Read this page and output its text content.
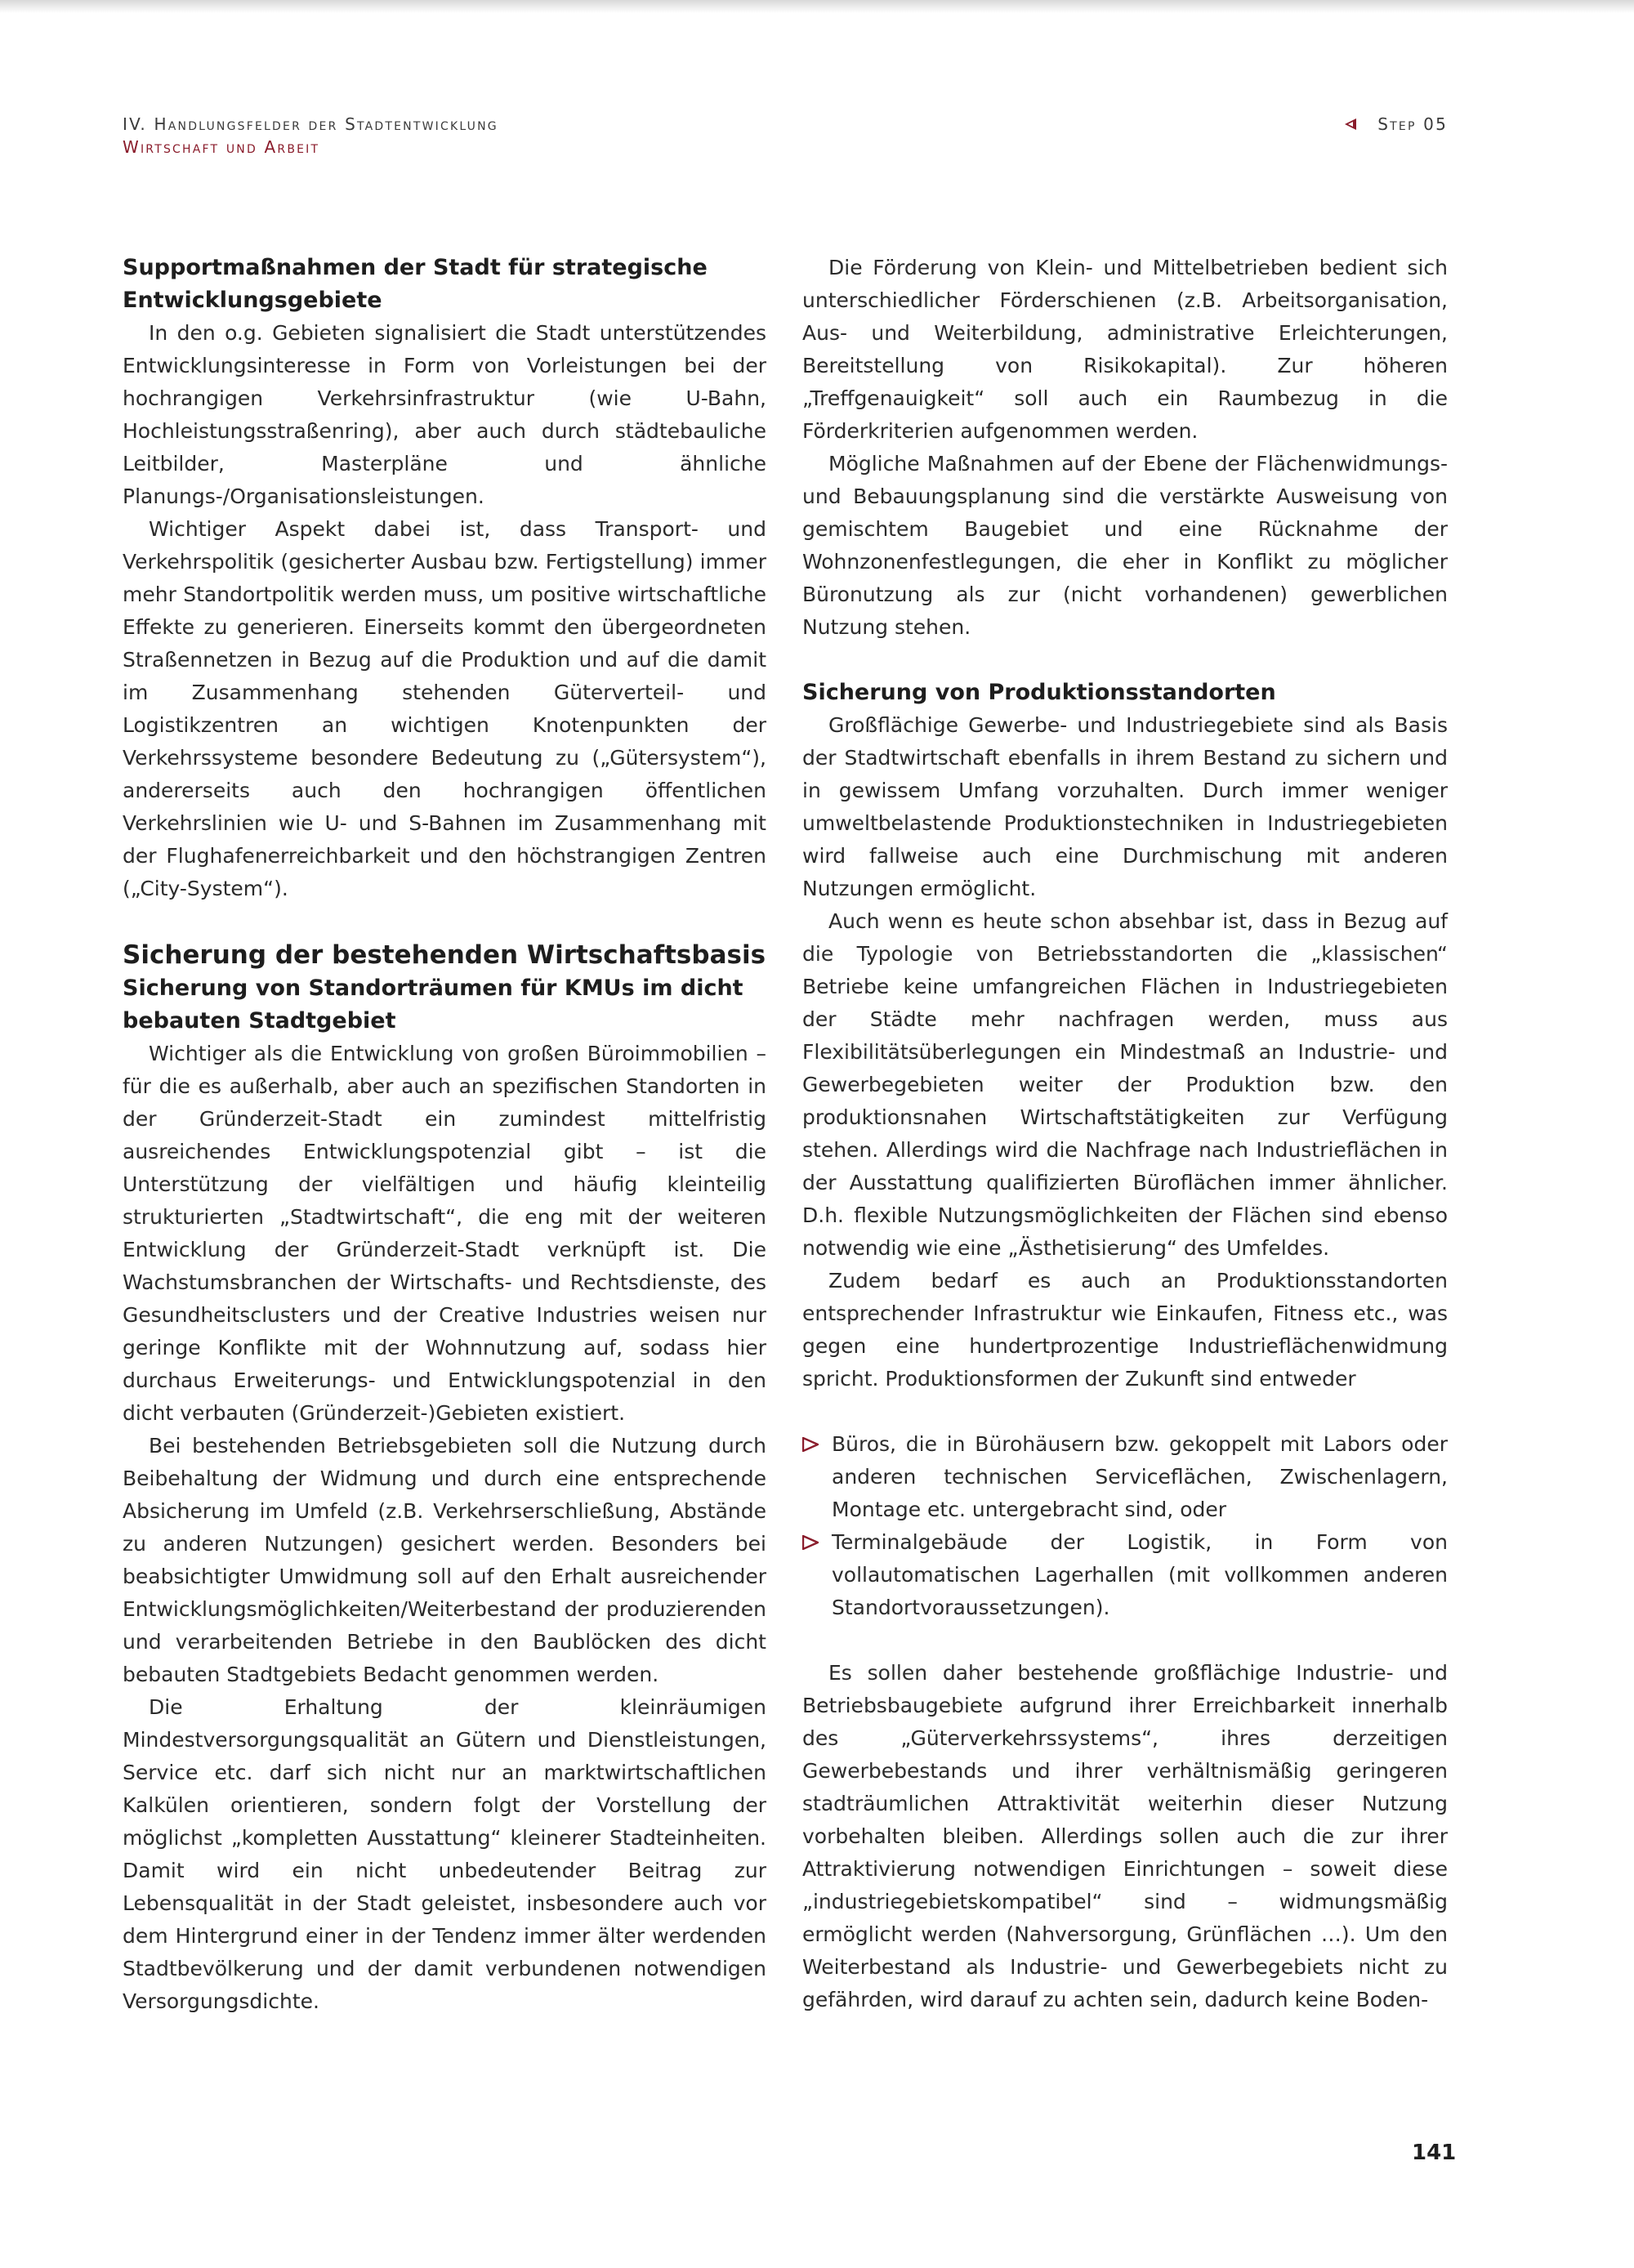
IV. Handlungsfelder der Stadtentwicklung
Wirtschaft und Arbeit
Step 05
Supportmaßnahmen der Stadt für strategische Entwicklungsgebiete

In den o.g. Gebieten signalisiert die Stadt unterstützendes Entwicklungsinteresse in Form von Vorleistungen bei der hochrangigen Verkehrsinfrastruktur (wie U-Bahn, Hochleistungsstraßenring), aber auch durch städtebauliche Leitbilder, Masterpläne und ähnliche Planungs-/Organisationsleistungen.

Wichtiger Aspekt dabei ist, dass Transport- und Verkehrspolitik (gesicherter Ausbau bzw. Fertigstellung) immer mehr Standortpolitik werden muss, um positive wirtschaftliche Effekte zu generieren. Einerseits kommt den übergeordneten Straßennetzen in Bezug auf die Produktion und auf die damit im Zusammenhang stehenden Güterverteil- und Logistikzentren an wichtigen Knotenpunkten der Verkehrssysteme besondere Bedeutung zu („Gütersystem“), andererseits auch den hochrangigen öffentlichen Verkehrslinien wie U- und S-Bahnen im Zusammenhang mit der Flughafenerreichbarkeit und den höchstrangigen Zentren („City-System“).

Sicherung der bestehenden Wirtschaftsbasis
Sicherung von Standorträumen für KMUs im dicht bebauten Stadtgebiet

Wichtiger als die Entwicklung von großen Büroimmobilien – für die es außerhalb, aber auch an spezifischen Standorten in der Gründerzeit-Stadt ein zumindest mittelfristig ausreichendes Entwicklungspotenzial gibt – ist die Unterstützung der vielfältigen und häufig kleinteilig strukturierten „Stadtwirtschaft“, die eng mit der weiteren Entwicklung der Gründerzeit-Stadt verknüpft ist. Die Wachstumsbranchen der Wirtschafts- und Rechtsdienste, des Gesundheitsclusters und der Creative Industries weisen nur geringe Konflikte mit der Wohnnutzung auf, sodass hier durchaus Erweiterungs- und Entwicklungspotenzial in den dicht verbauten (Gründerzeit-)Gebieten existiert.

Bei bestehenden Betriebsgebieten soll die Nutzung durch Beibehaltung der Widmung und durch eine entsprechende Absicherung im Umfeld (z.B. Verkehrserschließung, Abstände zu anderen Nutzungen) gesichert werden. Besonders bei beabsichtigter Umwidmung soll auf den Erhalt ausreichender Entwicklungsmöglichkeiten/Weiterbestand der produzierenden und verarbeitenden Betriebe in den Baublöcken des dicht bebauten Stadtgebiets Bedacht genommen werden.

Die Erhaltung der kleinräumigen Mindestversorgungsqualität an Gütern und Dienstleistungen, Service etc. darf sich nicht nur an marktwirtschaftlichen Kalkülen orientieren, sondern folgt der Vorstellung der möglichst „kompletten Ausstattung“ kleinerer Stadteinheiten. Damit wird ein nicht unbedeutender Beitrag zur Lebensqualität in der Stadt geleistet, insbesondere auch vor dem Hintergrund einer in der Tendenz immer älter werdenden Stadtbevölkerung und der damit verbundenen notwendigen Versorgungsdichte.

Die Förderung von Klein- und Mittelbetrieben bedient sich unterschiedlicher Förderschienen (z.B. Arbeitsorganisation, Aus- und Weiterbildung, administrative Erleichterungen, Bereitstellung von Risikokapital). Zur höheren „Treffgenauigkeit“ soll auch ein Raumbezug in die Förderkriterien aufgenommen werden.

Mögliche Maßnahmen auf der Ebene der Flächenwidmungs- und Bebauungsplanung sind die verstärkte Ausweisung von gemischtem Baugebiet und eine Rücknahme der Wohnzonenfestlegungen, die eher in Konflikt zu möglicher Büronutzung als zur (nicht vorhandenen) gewerblichen Nutzung stehen.

Sicherung von Produktionsstandorten

Großflächige Gewerbe- und Industriegebiete sind als Basis der Stadtwirtschaft ebenfalls in ihrem Bestand zu sichern und in gewissem Umfang vorzuhalten. Durch immer weniger umweltbelastende Produktionstechniken in Industriegebieten wird fallweise auch eine Durchmischung mit anderen Nutzungen ermöglicht.

Auch wenn es heute schon absehbar ist, dass in Bezug auf die Typologie von Betriebsstandorten die „klassischen“ Betriebe keine umfangreichen Flächen in Industriegebieten der Städte mehr nachfragen werden, muss aus Flexibilitätsüberlegungen ein Mindestmaß an Industrie- und Gewerbegebieten weiter der Produktion bzw. den produktionsnahen Wirtschaftstätigkeiten zur Verfügung stehen. Allerdings wird die Nachfrage nach Industrieflächen in der Ausstattung qualifizierten Büroflächen immer ähnlicher. D.h. flexible Nutzungsmöglichkeiten der Flächen sind ebenso notwendig wie eine „Ästhetisierung“ des Umfeldes.

Zudem bedarf es auch an Produktionsstandorten entsprechender Infrastruktur wie Einkaufen, Fitness etc., was gegen eine hundertprozentige Industrieflächenwidmung spricht. Produktionsformen der Zukunft sind entweder

Büros, die in Bürohäusern bzw. gekoppelt mit Labors oder anderen technischen Serviceflächen, Zwischenlagern, Montage etc. untergebracht sind, oder
Terminalgebäude der Logistik, in Form von vollautomatischen Lagerhallen (mit vollkommen anderen Standortvoraussetzungen).

Es sollen daher bestehende großflächige Industrie- und Betriebsbaugebiete aufgrund ihrer Erreichbarkeit innerhalb des „Güterverkehrssystems“, ihres derzeitigen Gewerbebestands und ihrer verhältnismäßig geringeren stadträumlichen Attraktivität weiterhin dieser Nutzung vorbehalten bleiben. Allerdings sollen auch die zur ihrer Attraktivierung notwendigen Einrichtungen – soweit diese „industriegebietskompatibel“ sind – widmungsmäßig ermöglicht werden (Nahversorgung, Grünflächen …). Um den Weiterbestand als Industrie- und Gewerbegebiets nicht zu gefährden, wird darauf zu achten sein, dadurch keine Boden-

141
